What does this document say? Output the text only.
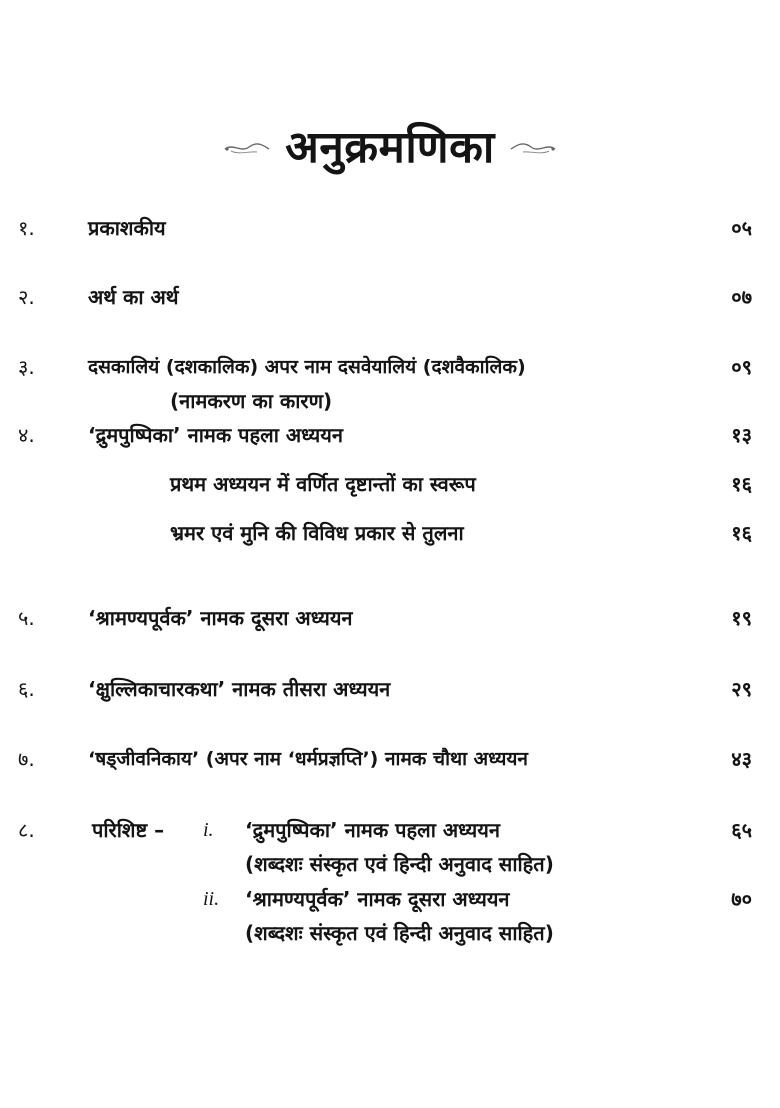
अनुक्रमणिका
१.	प्रकाशकीय	०५
२.	अर्थ का अर्थ	०७
३.	दसकालियं (दशकालिक) अपर नाम दसवेयालियं (दशवैकालिक)	०९
(नामकरण का कारण)
४.	‘द्रुमपुष्पिका’ नामक पहला अध्ययन	१३
प्रथम अध्ययन में वर्णित दृष्टान्तों का स्वरूप	१६
भ्रमर एवं मुनि की विविध प्रकार से तुलना	१६
५.	‘श्रामण्यपूर्वक’ नामक दूसरा अध्ययन	१९
६.	‘क्षुल्लिकाचारकथा’ नामक तीसरा अध्ययन	२९
७.	‘षड्जीवनिकाय’ (अपर नाम ‘धर्मप्रज्ञप्ति’) नामक चौथा अध्ययन	४३
८.	परिशिष्ट – i. ‘द्रुमपुष्पिका’ नामक पहला अध्ययन	६५
(शब्दशः संस्कृत एवं हिन्दी अनुवाद साहित)
ii. ‘श्रामण्यपूर्वक’ नामक दूसरा अध्ययन	७०
(शब्दशः संस्कृत एवं हिन्दी अनुवाद साहित)
